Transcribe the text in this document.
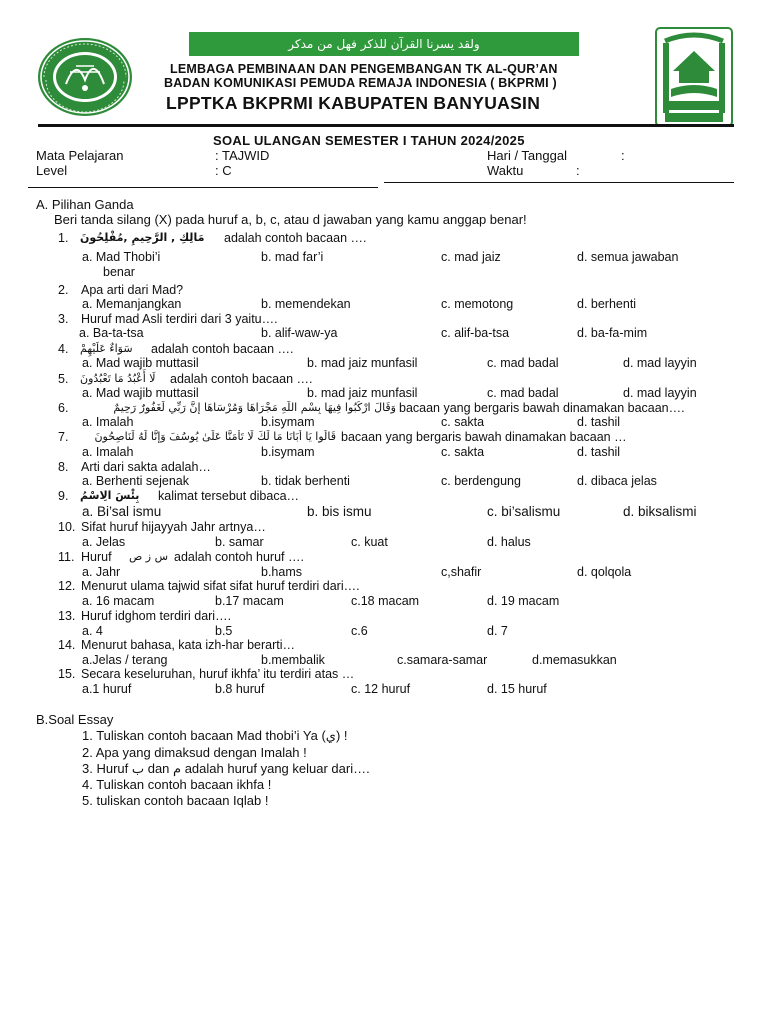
ولقد يسرنا القرآن للذكر فهل من مدكر
LEMBAGA PEMBINAAN DAN PENGEMBANGAN TK AL-QUR’AN
BADAN KOMUNIKASI PEMUDA REMAJA INDONESIA ( BKPRMI )
LPPTKA BKPRMI KABUPATEN BANYUASIN
SOAL ULANGAN SEMESTER I TAHUN 2024/2025
Mata Pelajaran	: TAJWID	Hari / Tanggal	:
Level	: C	Waktu	:
A. Pilihan Ganda
Beri tanda silang (X) pada huruf a, b, c, atau d jawaban yang kamu anggap benar!
1. مَالِكِ , الرَّحِيمِ ,مُفْلِحُونَ adalah contoh bacaan ….
a. Mad Thobi’i	b. mad far’i	c. mad jaiz	d. semua jawaban
benar
2. Apa arti dari Mad?
a. Memanjangkan	b. memendekan	c. memotong	d. berhenti
3. Huruf mad Asli terdiri dari 3 yaitu….
a. Ba-ta-tsa	b. alif-waw-ya	c. alif-ba-tsa	d. ba-fa-mim
4. سَوَاءٌ عَلَيْهِمْ adalah contoh bacaan ….
a. Mad wajib muttasil	b. mad jaiz munfasil	c. mad badal	d. mad layyin
5. لَا أَعْبُدُ مَا تَعْبُدُونَ adalah contoh bacaan ….
a. Mad wajib muttasil	b. mad jaiz munfasil	c. mad badal	d. mad layyin
6.	وَقَالَ ارْكَبُوا فِيهَا بِسْمِ اللَّهِ مَجْرَاهَا وَمُرْسَاهَا إِنَّ رَبِّي لَغَفُورٌ رَحِيمٌ bacaan yang bergaris bawah dinamakan bacaan….
a. Imalah	b.isymam	c. sakta	d. tashil
7.	قَالُوا يَا أَبَانَا مَا لَكَ لَا تَأْمَنَّا عَلَىٰ يُوسُفَ وَإِنَّا لَهُ لَنَاصِحُونَ bacaan yang bergaris bawah dinamakan bacaan …
a. Imalah	b.isymam	c. sakta	d. tashil
8. Arti dari sakta adalah…
a. Berhenti sejenak	b. tidak berhenti	c. berdengung	d. dibaca jelas
9. بِئْسَ الِاسْمُ kalimat tersebut dibaca…
a. Bi’sal ismu	b. bis ismu	c. bi’salismu	d. biksalismi
10. Sifat huruf hijayyah Jahr artnya…
a. Jelas	b. samar	c. kuat	d. halus
11. Huruf س ز ص adalah contoh huruf ….
a. Jahr	b.hams	c,shafir	d. qolqola
12. Menurut ulama tajwid sifat sifat huruf terdiri dari….
a. 16 macam	b.17 macam	c.18 macam	d. 19 macam
13. Huruf idghom terdiri dari….
a. 4	b.5	c.6	d. 7
14. Menurut bahasa, kata izh-har berarti…
a.Jelas / terang	b.membalik	c.samara-samar	d.memasukkan
15. Secara keseluruhan, huruf ikhfa’ itu terdiri atas …
a.1 huruf	b.8 huruf	c. 12 huruf	d. 15 huruf
B.Soal Essay
1. Tuliskan contoh bacaan Mad thobi’i Ya (ي) !
2. Apa yang dimaksud dengan Imalah !
3. Huruf ب dan م adalah huruf yang keluar dari….
4. Tuliskan contoh bacaan ikhfa !
5. tuliskan contoh bacaan Iqlab !
